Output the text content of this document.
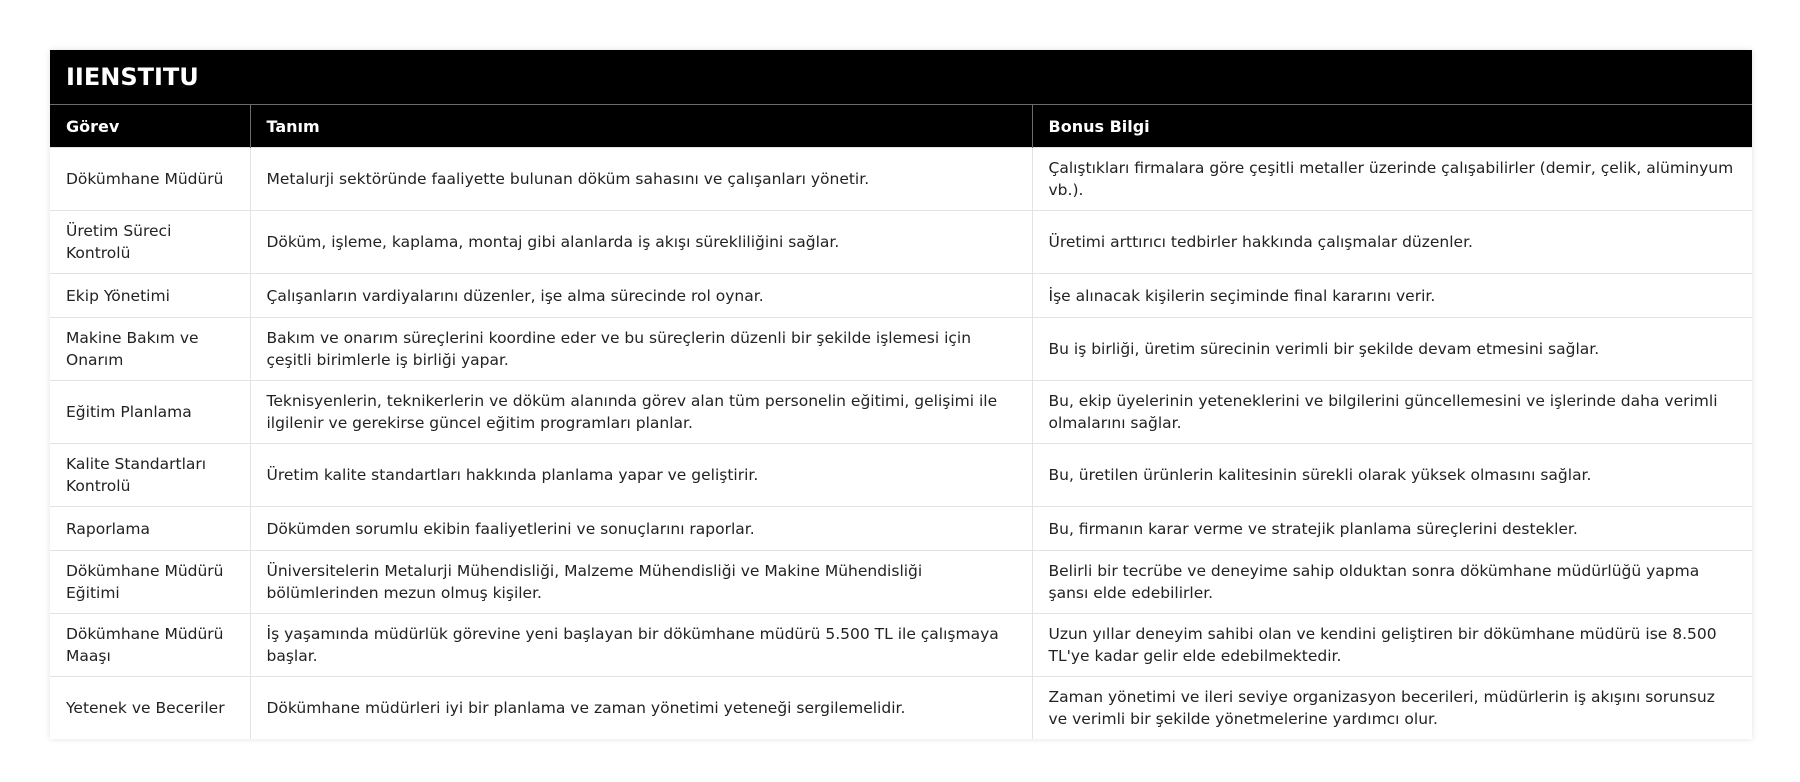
IIENSTITU
Görev	Tanım	Bonus Bilgi
Dökümhane Müdürü	Metalurji sektöründe faaliyette bulunan döküm sahasını ve çalışanları yönetir.	Çalıştıkları firmalara göre çeşitli metaller üzerinde çalışabilirler (demir, çelik, alüminyum vb.).
Üretim Süreci Kontrolü	Döküm, işleme, kaplama, montaj gibi alanlarda iş akışı sürekliliğini sağlar.	Üretimi arttırıcı tedbirler hakkında çalışmalar düzenler.
Ekip Yönetimi	Çalışanların vardiyalarını düzenler, işe alma sürecinde rol oynar.	İşe alınacak kişilerin seçiminde final kararını verir.
Makine Bakım ve Onarım	Bakım ve onarım süreçlerini koordine eder ve bu süreçlerin düzenli bir şekilde işlemesi için çeşitli birimlerle iş birliği yapar.	Bu iş birliği, üretim sürecinin verimli bir şekilde devam etmesini sağlar.
Eğitim Planlama	Teknisyenlerin, teknikerlerin ve döküm alanında görev alan tüm personelin eğitimi, gelişimi ile ilgilenir ve gerekirse güncel eğitim programları planlar.	Bu, ekip üyelerinin yeteneklerini ve bilgilerini güncellemesini ve işlerinde daha verimli olmalarını sağlar.
Kalite Standartları Kontrolü	Üretim kalite standartları hakkında planlama yapar ve geliştirir.	Bu, üretilen ürünlerin kalitesinin sürekli olarak yüksek olmasını sağlar.
Raporlama	Dökümden sorumlu ekibin faaliyetlerini ve sonuçlarını raporlar.	Bu, firmanın karar verme ve stratejik planlama süreçlerini destekler.
Dökümhane Müdürü Eğitimi	Üniversitelerin Metalurji Mühendisliği, Malzeme Mühendisliği ve Makine Mühendisliği bölümlerinden mezun olmuş kişiler.	Belirli bir tecrübe ve deneyime sahip olduktan sonra dökümhane müdürlüğü yapma şansı elde edebilirler.
Dökümhane Müdürü Maaşı	İş yaşamında müdürlük görevine yeni başlayan bir dökümhane müdürü 5.500 TL ile çalışmaya başlar.	Uzun yıllar deneyim sahibi olan ve kendini geliştiren bir dökümhane müdürü ise 8.500 TL'ye kadar gelir elde edebilmektedir.
Yetenek ve Beceriler	Dökümhane müdürleri iyi bir planlama ve zaman yönetimi yeteneği sergilemelidir.	Zaman yönetimi ve ileri seviye organizasyon becerileri, müdürlerin iş akışını sorunsuz ve verimli bir şekilde yönetmelerine yardımcı olur.
